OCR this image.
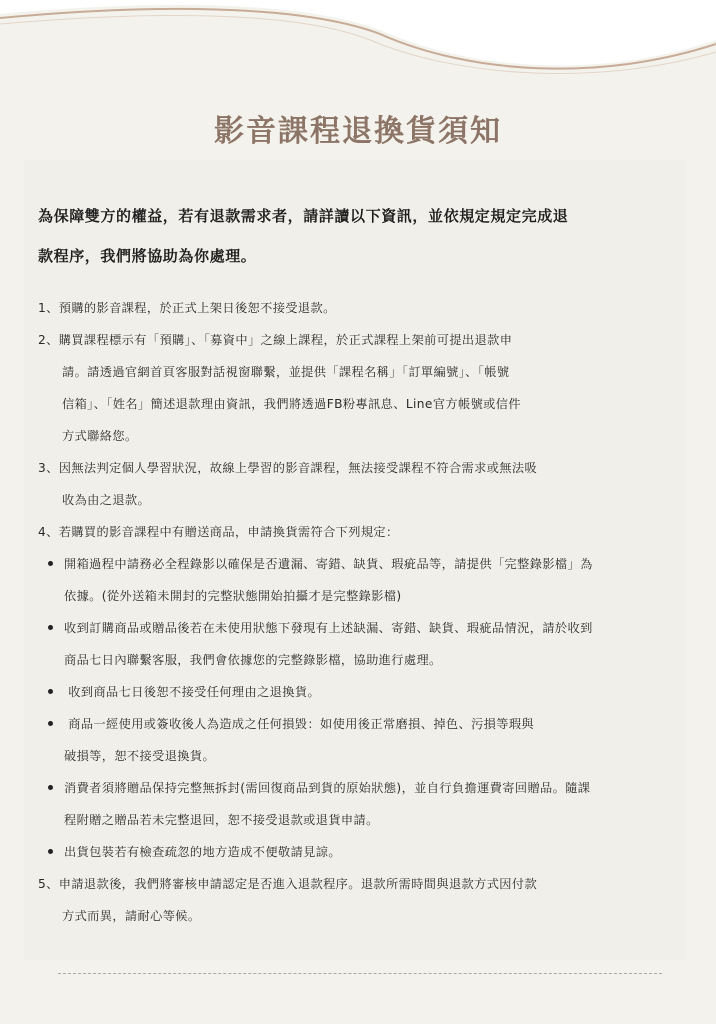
影音課程退換貨須知
為保障雙方的權益，若有退款需求者，請詳讀以下資訊，並依規定規定完成退
款程序，我們將協助為你處理。
1、預購的影音課程，於正式上架日後恕不接受退款。
2、購買課程標示有「預購」、「募資中」之線上課程，於正式課程上架前可提出退款申
請。請透過官網首頁客服對話視窗聯繫，並提供「課程名稱」「訂單編號」、「帳號
信箱」、「姓名」簡述退款理由資訊，我們將透過FB粉專訊息、Line官方帳號或信件
方式聯絡您。
3、因無法判定個人學習狀況，故線上學習的影音課程，無法接受課程不符合需求或無法吸
收為由之退款。
4、若購買的影音課程中有贈送商品，申請換貨需符合下列規定：
開箱過程中請務必全程錄影以確保是否遺漏、寄錯、缺貨、瑕疵品等，請提供「完整錄影檔」為
依據。(從外送箱未開封的完整狀態開始拍攝才是完整錄影檔)
收到訂購商品或贈品後若在未使用狀態下發現有上述缺漏、寄錯、缺貨、瑕疵品情況，請於收到
商品七日內聯繫客服，我們會依據您的完整錄影檔，協助進行處理。
收到商品七日後恕不接受任何理由之退換貨。
商品一經使用或簽收後人為造成之任何損毀：如使用後正常磨損、掉色、污損等瑕與
破損等，恕不接受退換貨。
消費者須將贈品保持完整無拆封(需回復商品到貨的原始狀態)，並自行負擔運費寄回贈品。隨課
程附贈之贈品若未完整退回，恕不接受退款或退貨申請。
出貨包裝若有檢查疏忽的地方造成不便敬請見諒。
5、申請退款後，我們將審核申請認定是否進入退款程序。退款所需時間與退款方式因付款
方式而異，請耐心等候。
